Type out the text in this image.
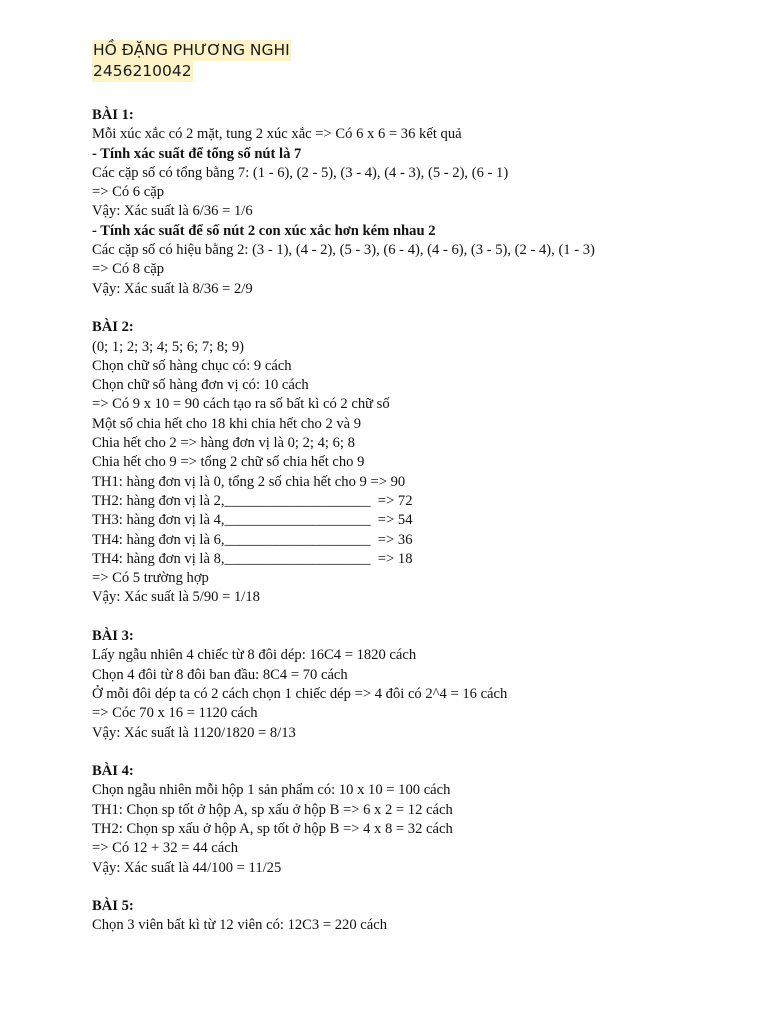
HỒ ĐẶNG PHƯƠNG NGHI
2456210042
BÀI 1:
Mỗi xúc xắc có 2 mặt, tung 2 xúc xắc => Có 6 x 6 = 36 kết quả
- Tính xác suất để tổng số nút là 7
Các cặp số có tổng bằng 7: (1 - 6), (2 - 5), (3 - 4), (4 - 3), (5 - 2), (6 - 1)
=> Có 6 cặp
Vậy: Xác suất là 6/36 = 1/6
- Tính xác suất để số nút 2 con xúc xắc hơn kém nhau 2
Các cặp số có hiệu bằng 2: (3 - 1), (4 - 2), (5 - 3), (6 - 4), (4 - 6), (3 - 5), (2 - 4), (1 - 3)
=> Có 8 cặp
Vậy: Xác suất là 8/36 = 2/9
BÀI 2:
(0; 1; 2; 3; 4; 5; 6; 7; 8; 9)
Chọn chữ số hàng chục có: 9 cách
Chọn chữ số hàng đơn vị có: 10 cách
=> Có 9 x 10 = 90 cách tạo ra số bất kì có 2 chữ số
Một số chia hết cho 18 khi chia hết cho 2 và 9
Chia hết cho 2 => hàng đơn vị là 0; 2; 4; 6; 8
Chia hết cho 9 => tổng 2 chữ số chia hết cho 9
TH1: hàng đơn vị là 0, tổng 2 số chia hết cho 9 => 90
TH2: hàng đơn vị là 2,____________________  => 72
TH3: hàng đơn vị là 4,____________________  => 54
TH4: hàng đơn vị là 6,____________________  => 36
TH4: hàng đơn vị là 8,____________________  => 18
=> Có 5 trường hợp
Vậy: Xác suất là 5/90 = 1/18
BÀI 3:
Lấy ngẫu nhiên 4 chiếc từ 8 đôi dép: 16C4 = 1820 cách
Chọn 4 đôi từ 8 đôi ban đầu: 8C4 = 70 cách
Ở mỗi đôi dép ta có 2 cách chọn 1 chiếc dép => 4 đôi có 2^4 = 16 cách
=> Cóc 70 x 16 = 1120 cách
Vậy: Xác suất là 1120/1820 = 8/13
BÀI 4:
Chọn ngẫu nhiên mỗi hộp 1 sản phẩm có: 10 x 10 = 100 cách
TH1: Chọn sp tốt ở hộp A, sp xấu ở hộp B => 6 x 2 = 12 cách
TH2: Chọn sp xấu ở hộp A, sp tốt ở hộp B => 4 x 8 = 32 cách
=> Có 12 + 32 = 44 cách
Vậy: Xác suất là 44/100 = 11/25
BÀI 5:
Chọn 3 viên bất kì từ 12 viên có: 12C3 = 220 cách
